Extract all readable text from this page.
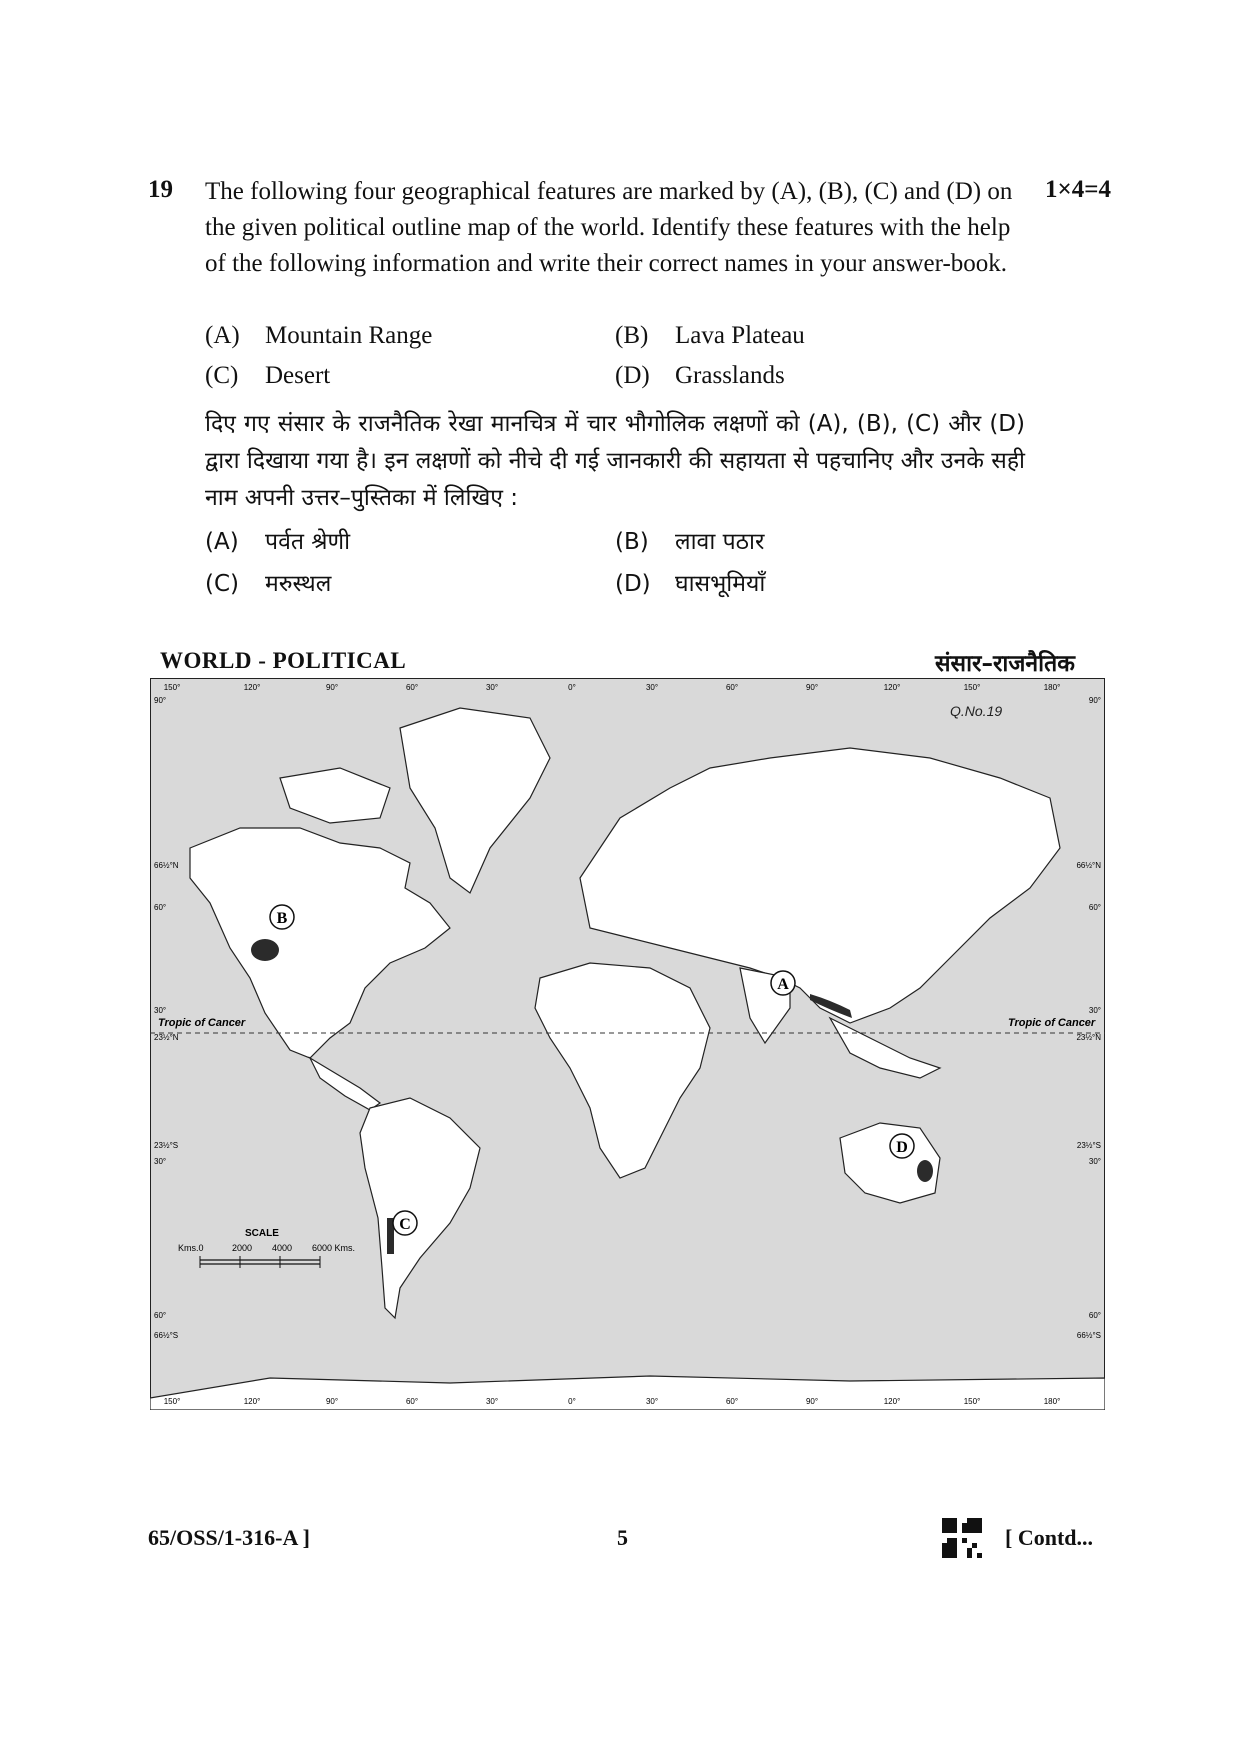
19 The following four geographical features are marked by (A), (B), (C) and (D) on the given political outline map of the world. Identify these features with the help of the following information and write their correct names in your answer-book.

1×4=4
(A) Mountain Range	(B) Lava Plateau
(C) Desert	(D) Grasslands

दिए गए संसार के राजनैतिक रेखा मानचित्र में चार भौगोलिक लक्षणों को (A), (B), (C) और (D) द्वारा दिखाया गया है। इन लक्षणों को नीचे दी गई जानकारी की सहायता से पहचानिए और उनके सही नाम अपनी उत्तर–पुस्तिका में लिखिए :

(A) पर्वत श्रेणी	(B) लावा पठार
(C) मरुस्थल	(D) घासभूमियाँ
WORLD - POLITICAL	संसार–राजनैतिक
Tropic of Cancer	Tropic of Cancer
B
A
C
D
Q.No.19
150°	120°	90°	60°	30°	0°	30°	60°	90°	120°	150°	180°
150°	120°	90°	60°	30°	0°	30°	60°	90°	120°	150°	180°
90°
66½°N
60°
30°
23½°N
23½°S
30°
60°
66½°S
90°
66½°N
60°
30°
23½°N
23½°S
30°
60°
66½°S
SCALE
Kms.0	2000 4000 6000 Kms.
65/OSS/1-316-A ]	5	[ Contd...
